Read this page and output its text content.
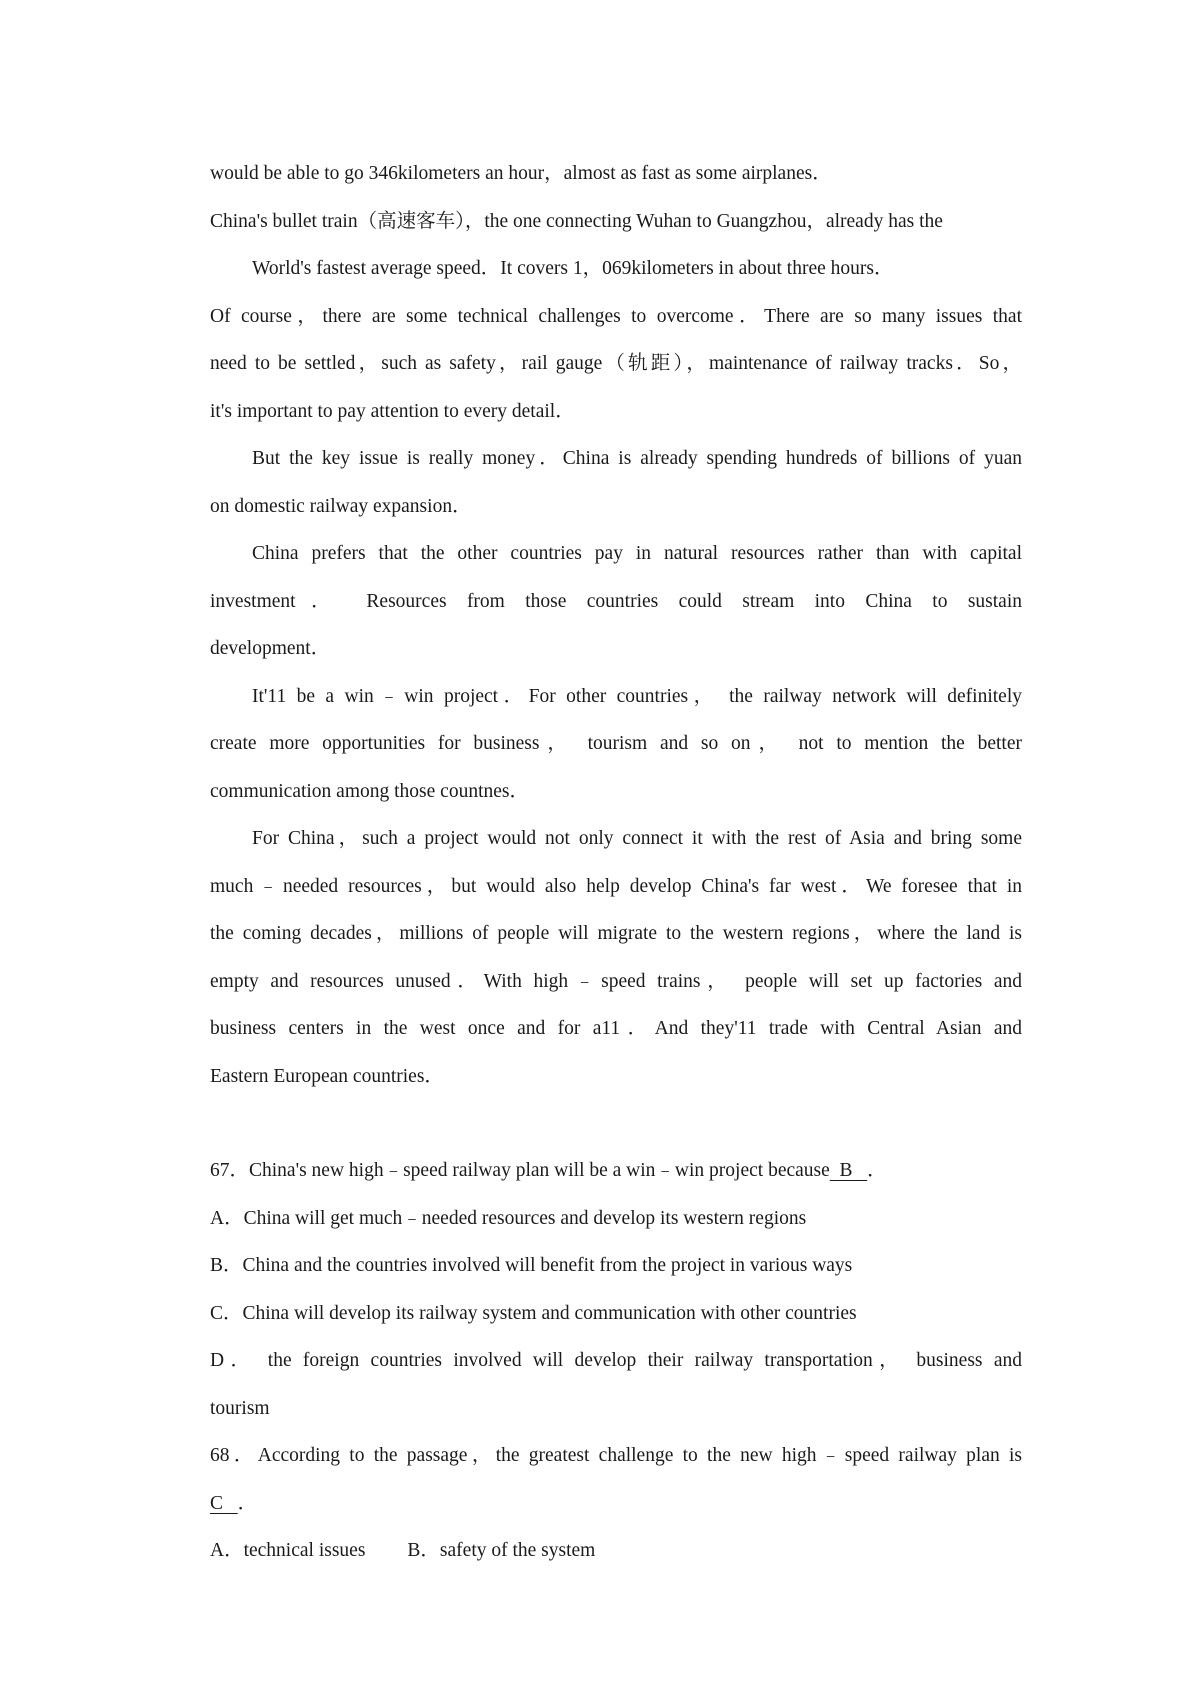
would be able to go 346kilometers an hour，almost as fast as some airplanes．

China's bullet train（高速客车），the one connecting Wuhan to Guangzhou，already has the

World's fastest average speed．It covers 1，069kilometers in about three hours．

Of course，there are some technical challenges to overcome．There are so many issues that

need to be settled，such as safety，rail gauge（轨距），maintenance of railway tracks．So，

it's important to pay attention to every detail．

But the key issue is really money．China is already spending hundreds of billions of yuan

on domestic railway expansion．

China prefers that the other countries pay in natural resources rather than with capital

investment． Resources from those countries could stream into China to sustain

development．

It'11 be a win﹣win project．For other countries， the railway network will definitely

create more opportunities for business， tourism and so on， not to mention the better

communication among those countnes．

For China，such a project would not only connect it with the rest of Asia and bring some

much﹣needed resources，but would also help develop China's far west．We foresee that in

the coming decades，millions of people will migrate to the western regions，where the land is

empty and resources unused．With high﹣speed trains， people will set up factories and

business centers in the west once and for a11．And they'11 trade with Central Asian and

Eastern European countries．

67．China's new high﹣speed railway plan will be a win﹣win project because B ．

A．China will get much﹣needed resources and develop its western regions

B．China and the countries involved will benefit from the project in various ways

C．China will develop its railway system and communication with other countries

D． the foreign countries involved will develop their railway transportation， business and

tourism

68．According to the passage，the greatest challenge to the new high﹣speed railway plan is

C ．

A．technical issues B．safety of the system
